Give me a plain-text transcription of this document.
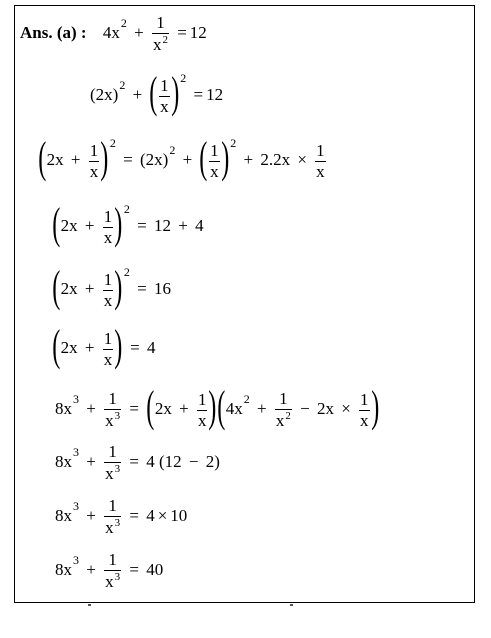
Ans. (a) : $4x^2 + \frac{1}{x^2} = 12$
$(2x)^2$ + ( $\frac{1}{x} )^2 = 12$
$(2x + \frac{1}{x} )^2 = (2x)^2$ + ( $\frac{1}{x} )^2 + 2.2x \times \frac{1}{x}$
$(2x + \frac{1}{x} )^2 = 12 + 4$
$(2x + \frac{1}{x} )^2 = 16$
($2x + \frac{1}{x}$ ) = 4
$8x^3 + \frac{1}{x^3} = (2x + \frac{1}{x} )(4x^2 + \frac{1}{x^2} - 2x \times \frac{1}{x}$ )
$8x^3 + \frac{1}{x^3} = 4$ (12 − 2)
$8x^3 + \frac{1}{x^3} = 4 \times 10$
$8x^3 + \frac{1}{x^3} = 40$
